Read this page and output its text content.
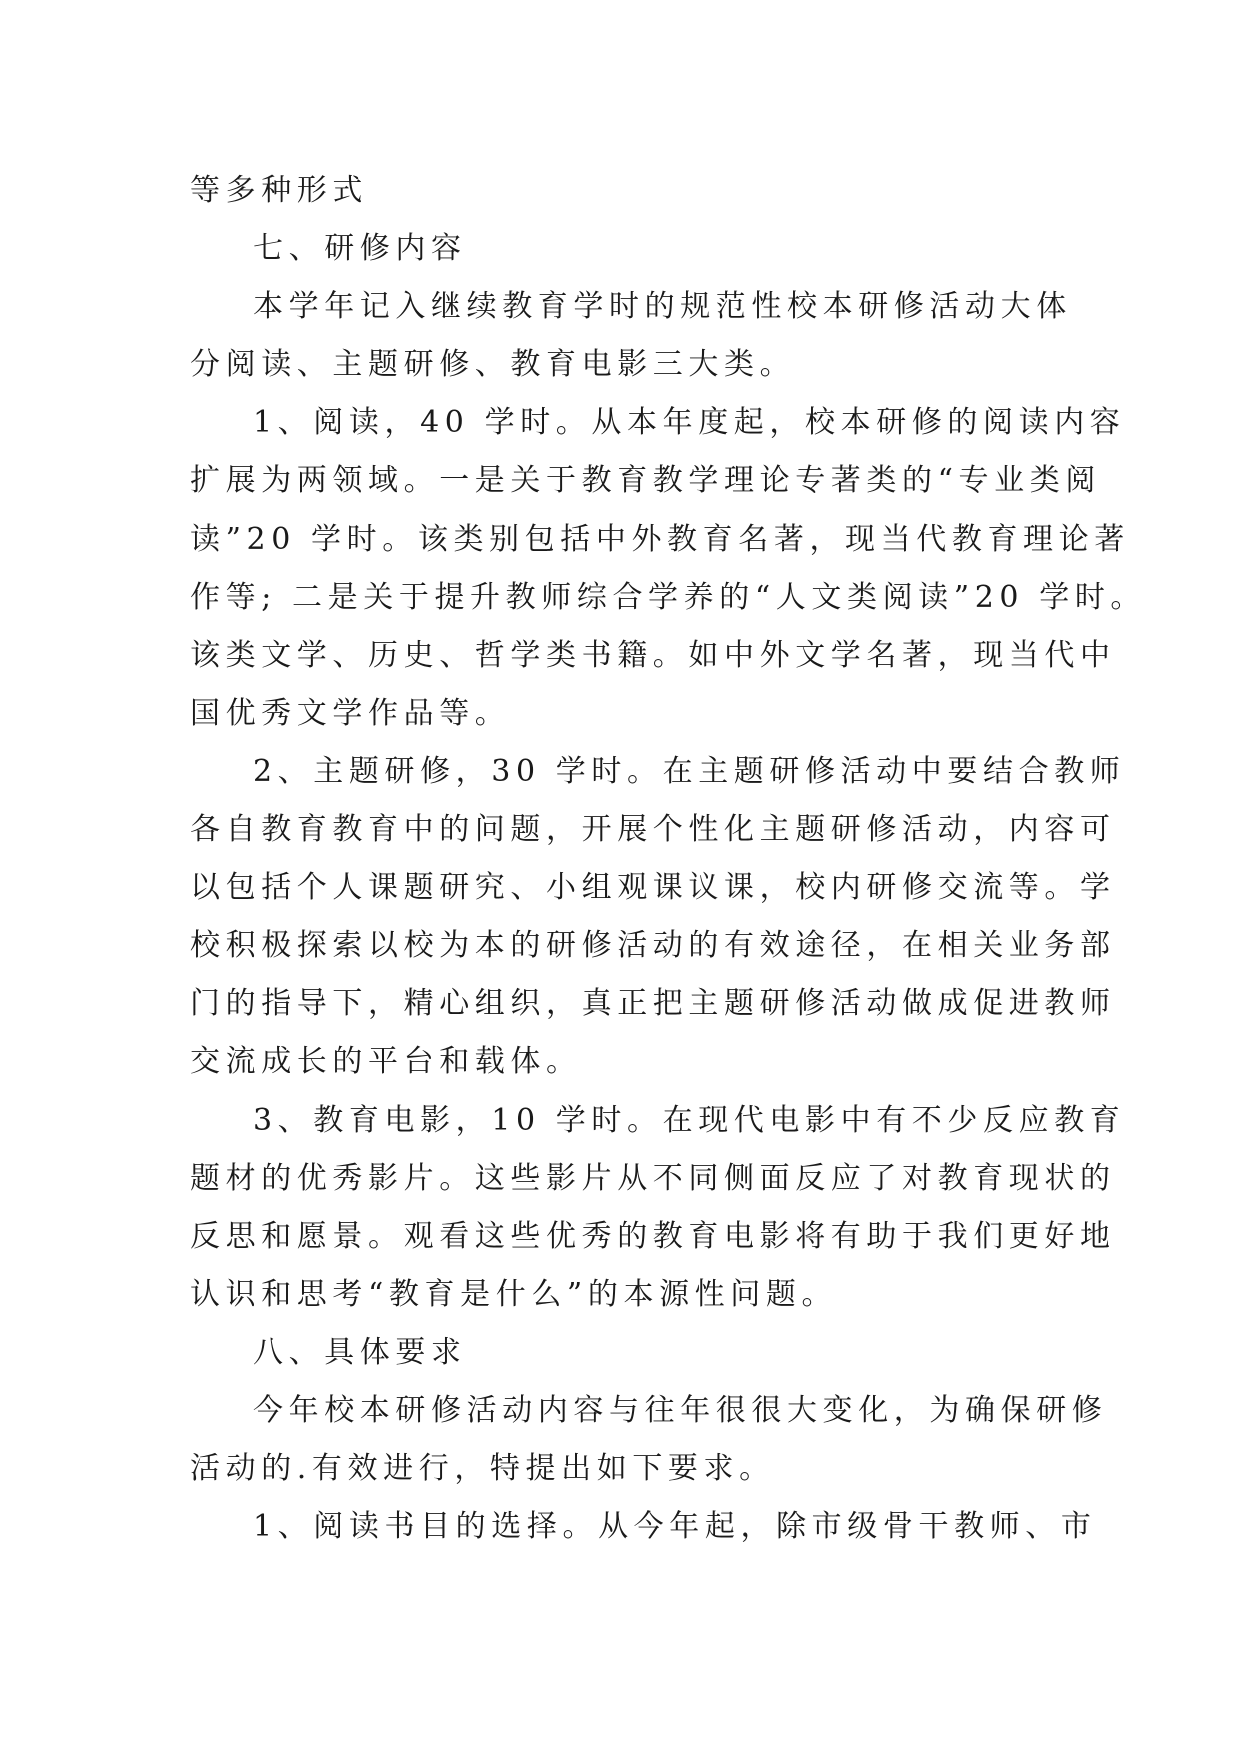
等多种形式
七、研修内容
本学年记入继续教育学时的规范性校本研修活动大体
分阅读、主题研修、教育电影三大类。
1、阅读，40 学时。从本年度起，校本研修的阅读内容
扩展为两领域。一是关于教育教学理论专著类的“专业类阅
读”20 学时。该类别包括中外教育名著，现当代教育理论著
作等; 二是关于提升教师综合学养的“人文类阅读”20 学时。
该类文学、历史、哲学类书籍。如中外文学名著，现当代中
国优秀文学作品等。
2、主题研修，30 学时。在主题研修活动中要结合教师
各自教育教育中的问题，开展个性化主题研修活动，内容可
以包括个人课题研究、小组观课议课，校内研修交流等。学
校积极探索以校为本的研修活动的有效途径，在相关业务部
门的指导下，精心组织，真正把主题研修活动做成促进教师
交流成长的平台和载体。
3、教育电影，10 学时。在现代电影中有不少反应教育
题材的优秀影片。这些影片从不同侧面反应了对教育现状的
反思和愿景。观看这些优秀的教育电影将有助于我们更好地
认识和思考“教育是什么”的本源性问题。
八、具体要求
今年校本研修活动内容与往年很很大变化，为确保研修
活动的.有效进行，特提出如下要求。
1、阅读书目的选择。从今年起，除市级骨干教师、市
